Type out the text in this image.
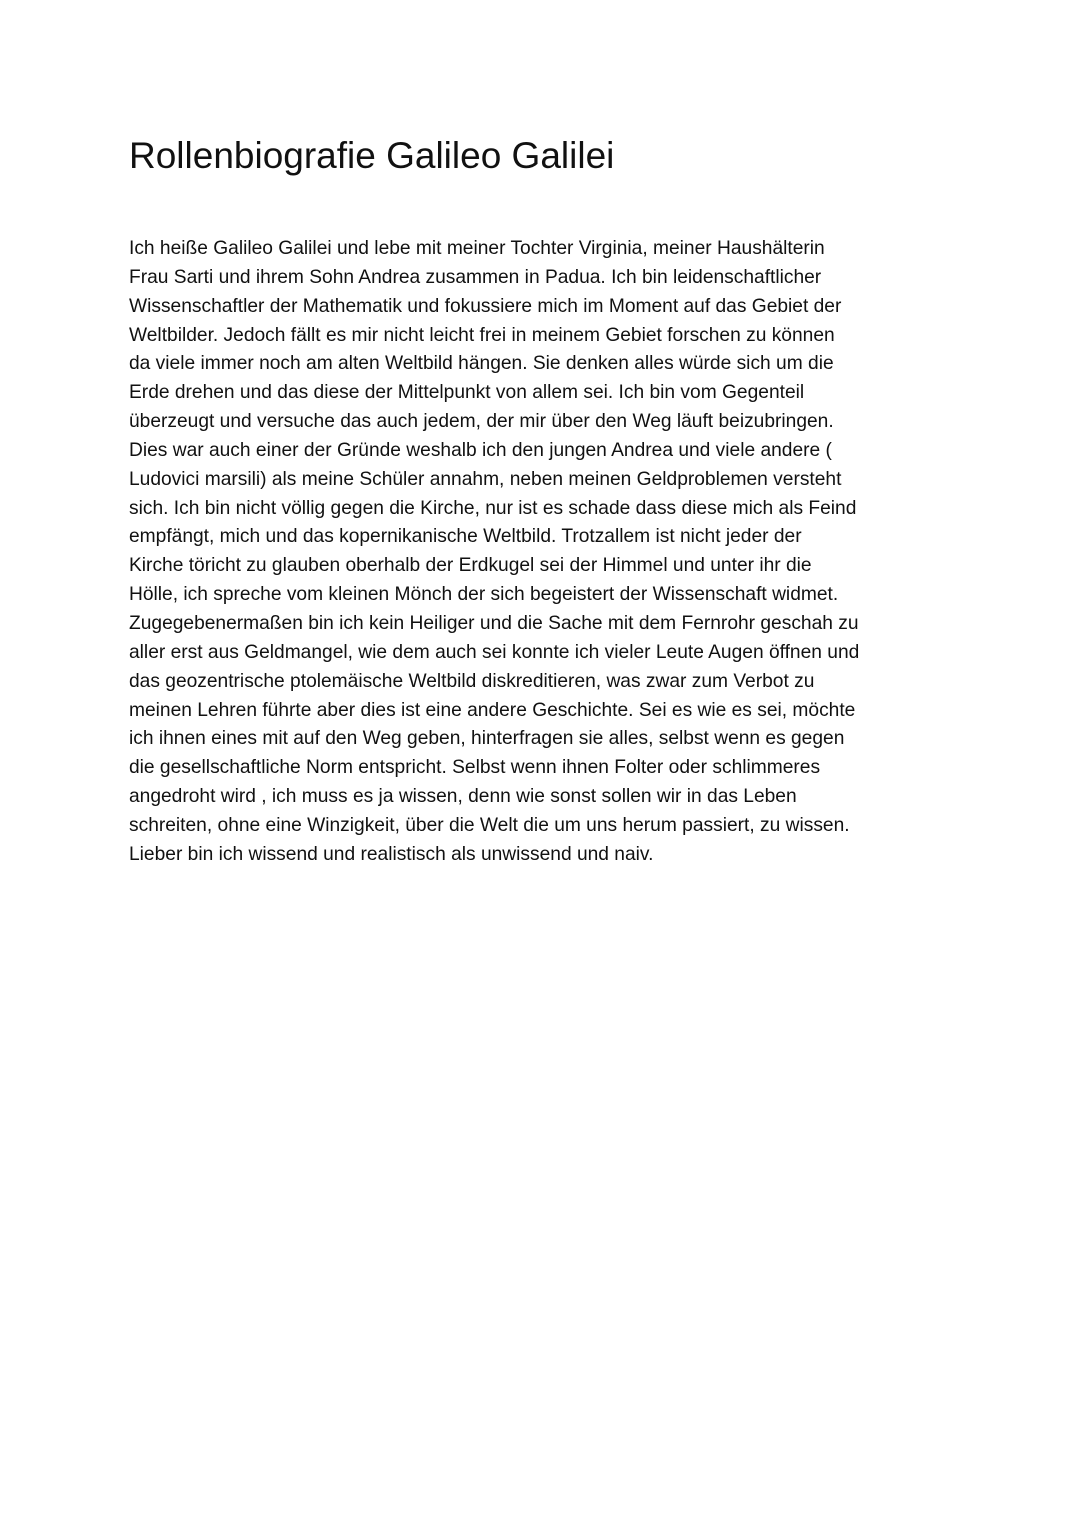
Rollenbiografie Galileo Galilei
Ich heiße Galileo Galilei und lebe mit meiner Tochter Virginia, meiner Haushälterin
Frau Sarti und ihrem Sohn Andrea zusammen in Padua. Ich bin leidenschaftlicher
Wissenschaftler der Mathematik und fokussiere mich im Moment auf das Gebiet der
Weltbilder. Jedoch fällt es mir nicht leicht frei in meinem Gebiet forschen zu können
da viele immer noch am alten Weltbild hängen. Sie denken alles würde sich um die
Erde drehen und das diese der Mittelpunkt von allem sei. Ich bin vom Gegenteil
überzeugt und versuche das auch jedem, der mir über den Weg läuft beizubringen.
Dies war auch einer der Gründe weshalb ich den jungen Andrea und viele andere (
Ludovici marsili) als meine Schüler annahm, neben meinen Geldproblemen versteht
sich. Ich bin nicht völlig gegen die Kirche, nur ist es schade dass diese mich als Feind
empfängt, mich und das kopernikanische Weltbild. Trotzallem ist nicht jeder der
Kirche töricht zu glauben oberhalb der Erdkugel sei der Himmel und unter ihr die
Hölle, ich spreche vom kleinen Mönch der sich begeistert der Wissenschaft widmet.
Zugegebenermaßen bin ich kein Heiliger und die Sache mit dem Fernrohr geschah zu
aller erst aus Geldmangel, wie dem auch sei konnte ich vieler Leute Augen öffnen und
das geozentrische ptolemäische Weltbild diskreditieren, was zwar zum Verbot zu
meinen Lehren führte aber dies ist eine andere Geschichte. Sei es wie es sei, möchte
ich ihnen eines mit auf den Weg geben, hinterfragen sie alles, selbst wenn es gegen
die gesellschaftliche Norm entspricht. Selbst wenn ihnen Folter oder schlimmeres
angedroht wird , ich muss es ja wissen, denn wie sonst sollen wir in das Leben
schreiten, ohne eine Winzigkeit, über die Welt die um uns herum passiert, zu wissen.
Lieber bin ich wissend und realistisch als unwissend und naiv.
